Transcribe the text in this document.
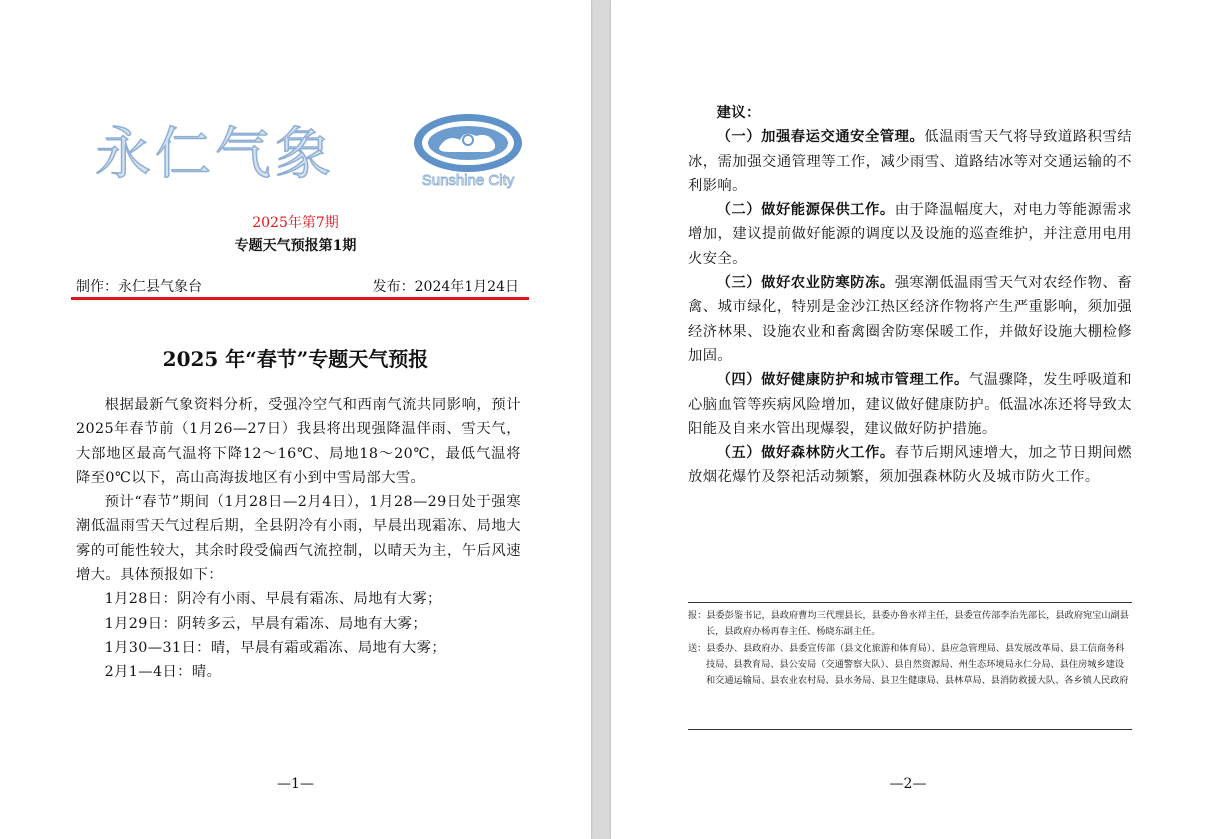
永仁气象	Sunshine City
2025年第7期
专题天气预报第1期
制作：永仁县气象台	发布：2024年1月24日
2025 年“春节”专题天气预报

根据最新气象资料分析，受强冷空气和西南气流共同影响，预计2025年春节前（1月26—27日）我县将出现强降温伴雨、雪天气，大部地区最高气温将下降12～16℃、局地18～20℃，最低气温将降至0℃以下，高山高海拔地区有小到中雪局部大雪。

预计“春节”期间（1月28日—2月4日），1月28—29日处于强寒潮低温雨雪天气过程后期，全县阴冷有小雨，早晨出现霜冻、局地大雾的可能性较大，其余时段受偏西气流控制，以晴天为主，午后风速增大。具体预报如下：

1月28日：阴冷有小雨、早晨有霜冻、局地有大雾；

1月29日：阴转多云，早晨有霜冻、局地有大雾；

1月30—31日：晴，早晨有霜或霜冻、局地有大雾；

2月1—4日：晴。

—1—

建议：

（一）加强春运交通安全管理。低温雨雪天气将导致道路积雪结冰，需加强交通管理等工作，减少雨雪、道路结冰等对交通运输的不利影响。

（二）做好能源保供工作。由于降温幅度大，对电力等能源需求增加，建议提前做好能源的调度以及设施的巡查维护，并注意用电用火安全。

（三）做好农业防寒防冻。强寒潮低温雨雪天气对农经作物、畜禽、城市绿化，特别是金沙江热区经济作物将产生严重影响，须加强经济林果、设施农业和畜禽圈舍防寒保暖工作，并做好设施大棚检修加固。

（四）做好健康防护和城市管理工作。气温骤降，发生呼吸道和心脑血管等疾病风险增加，建议做好健康防护。低温冰冻还将导致太阳能及自来水管出现爆裂，建议做好防护措施。

（五）做好森林防火工作。春节后期风速增大，加之节日期间燃放烟花爆竹及祭祀活动频繁，须加强森林防火及城市防火工作。

报：县委彭鉴书记，县政府曹均三代理县长，县委办鲁水祥主任，县委宣传部李治先部长，县政府宛宝山副县长，县政府办杨再春主任、杨晓东副主任。

送：县委办、县政府办、县委宣传部（县文化旅游和体育局）、县应急管理局、县发展改革局、县工信商务科技局、县教育局、县公安局（交通警察大队）、县自然资源局、州生态环境局永仁分局、县住房城乡建设和交通运输局、县农业农村局、县水务局、县卫生健康局、县林草局、县消防救援大队、各乡镇人民政府

—2—
